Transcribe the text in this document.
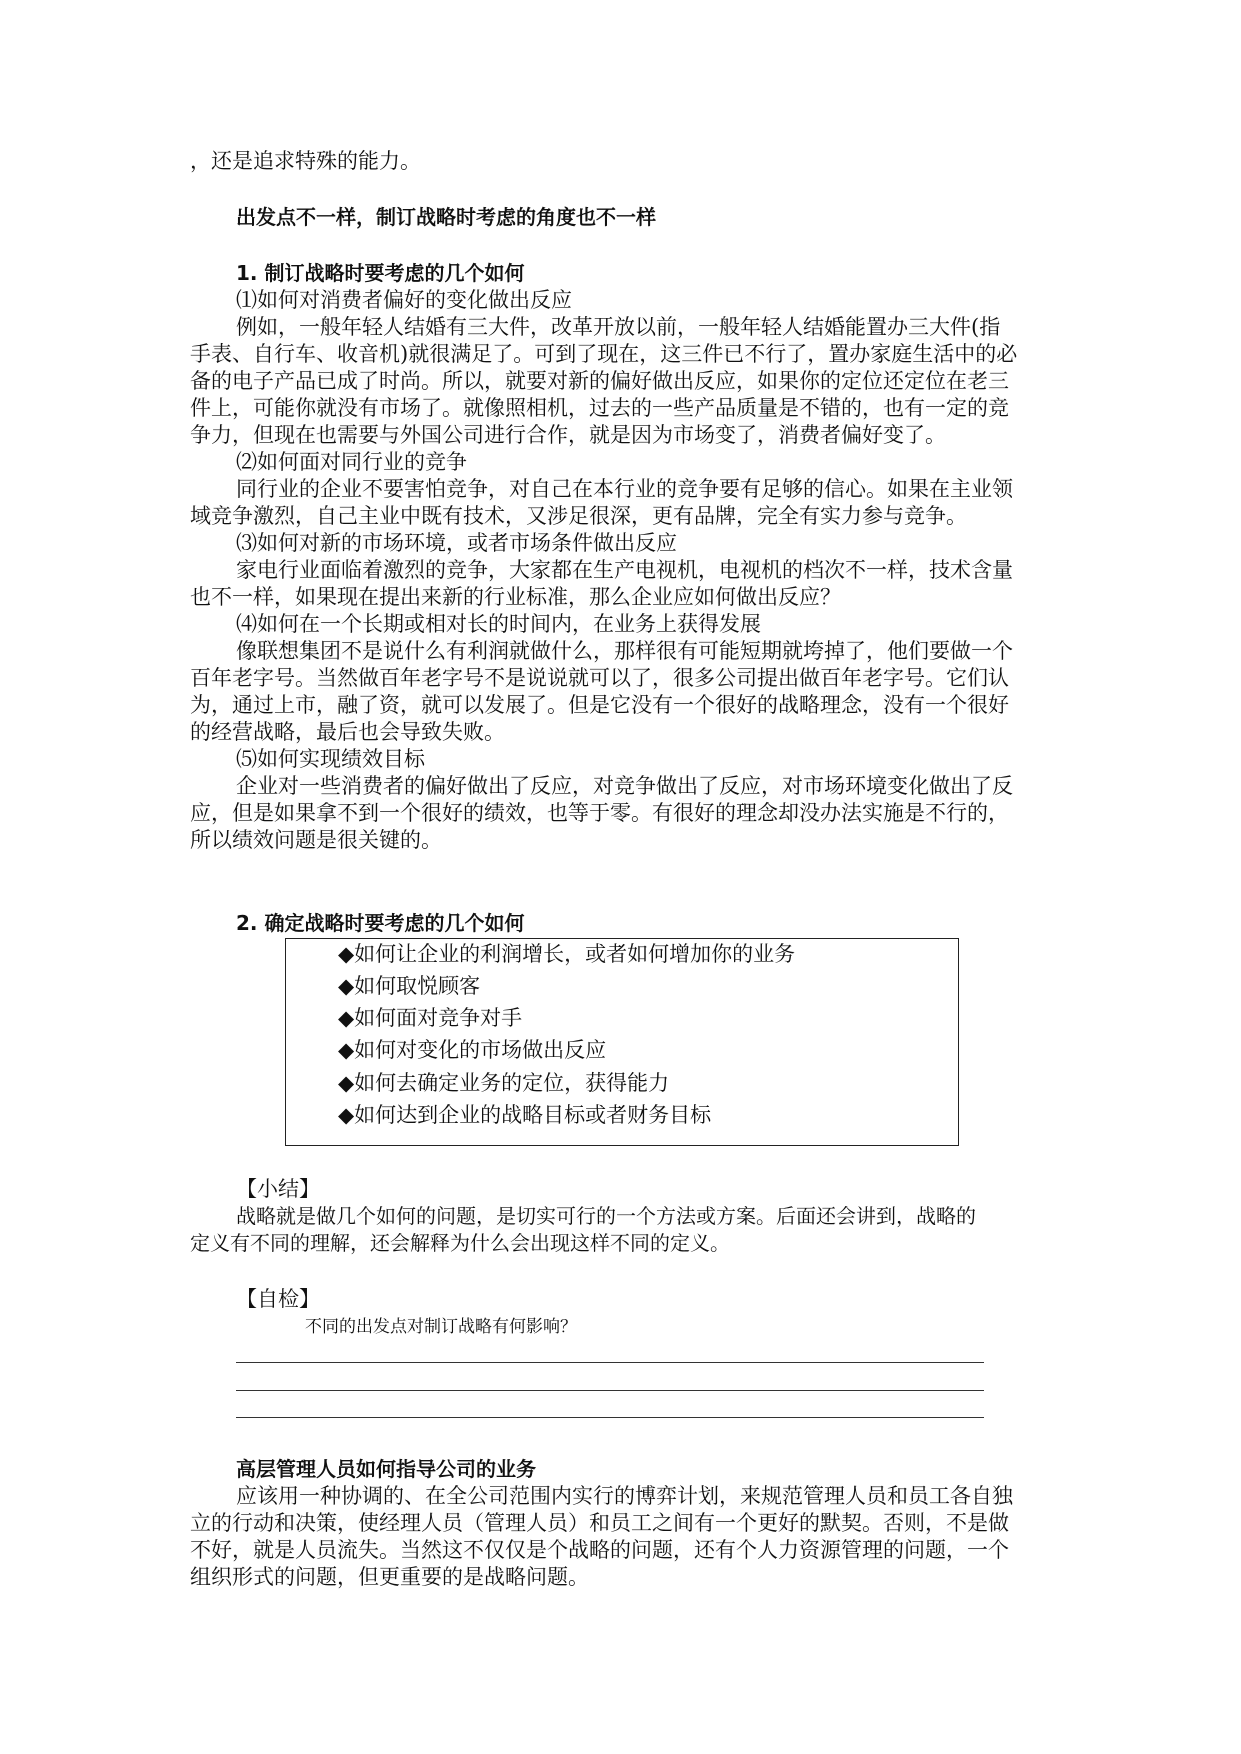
，还是追求特殊的能力。
出发点不一样，制订战略时考虑的角度也不一样
1. 制订战略时要考虑的几个如何
⑴如何对消费者偏好的变化做出反应
例如，一般年轻人结婚有三大件，改革开放以前，一般年轻人结婚能置办三大件(指
手表、自行车、收音机)就很满足了。可到了现在，这三件已不行了，置办家庭生活中的必
备的电子产品已成了时尚。所以，就要对新的偏好做出反应，如果你的定位还定位在老三
件上，可能你就没有市场了。就像照相机，过去的一些产品质量是不错的，也有一定的竞
争力，但现在也需要与外国公司进行合作，就是因为市场变了，消费者偏好变了。
⑵如何面对同行业的竞争
同行业的企业不要害怕竞争，对自己在本行业的竞争要有足够的信心。如果在主业领
域竞争激烈，自己主业中既有技术，又涉足很深，更有品牌，完全有实力参与竞争。
⑶如何对新的市场环境，或者市场条件做出反应
家电行业面临着激烈的竞争，大家都在生产电视机，电视机的档次不一样，技术含量
也不一样，如果现在提出来新的行业标准，那么企业应如何做出反应？
⑷如何在一个长期或相对长的时间内，在业务上获得发展
像联想集团不是说什么有利润就做什么，那样很有可能短期就垮掉了，他们要做一个
百年老字号。当然做百年老字号不是说说就可以了，很多公司提出做百年老字号。它们认
为，通过上市，融了资，就可以发展了。但是它没有一个很好的战略理念，没有一个很好
的经营战略，最后也会导致失败。
⑸如何实现绩效目标
企业对一些消费者的偏好做出了反应，对竞争做出了反应，对市场环境变化做出了反
应，但是如果拿不到一个很好的绩效，也等于零。有很好的理念却没办法实施是不行的，
所以绩效问题是很关键的。
2. 确定战略时要考虑的几个如何
◆如何让企业的利润增长，或者如何增加你的业务
◆如何取悦顾客
◆如何面对竞争对手
◆如何对变化的市场做出反应
◆如何去确定业务的定位，获得能力
◆如何达到企业的战略目标或者财务目标
【小结】
战略就是做几个如何的问题，是切实可行的一个方法或方案。后面还会讲到，战略的
定义有不同的理解，还会解释为什么会出现这样不同的定义。
【自检】
不同的出发点对制订战略有何影响？
高层管理人员如何指导公司的业务
应该用一种协调的、在全公司范围内实行的博弈计划，来规范管理人员和员工各自独
立的行动和决策，使经理人员（管理人员）和员工之间有一个更好的默契。否则，不是做
不好，就是人员流失。当然这不仅仅是个战略的问题，还有个人力资源管理的问题，一个
组织形式的问题，但更重要的是战略问题。
